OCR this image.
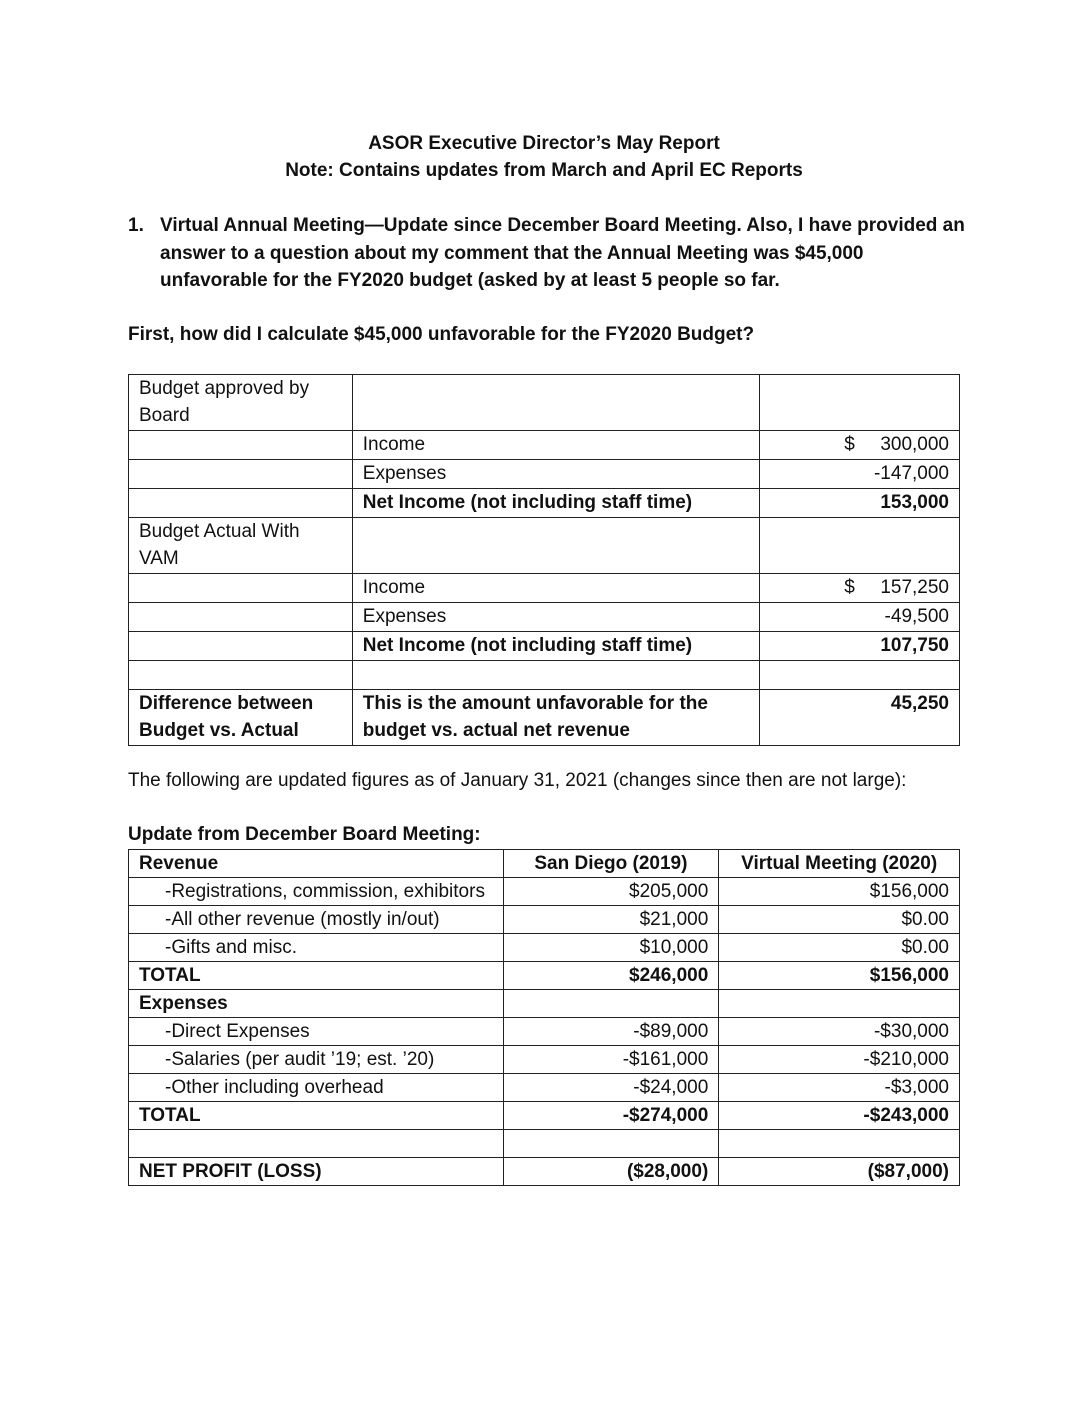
ASOR Executive Director’s May Report
Note: Contains updates from March and April EC Reports
1. Virtual Annual Meeting—Update since December Board Meeting. Also, I have provided an answer to a question about my comment that the Annual Meeting was $45,000 unfavorable for the FY2020 budget (asked by at least 5 people so far.
First, how did I calculate $45,000 unfavorable for the FY2020 Budget?
Budget approved by Board		
	Income	$ 300,000
	Expenses	-147,000
	Net Income (not including staff time)	153,000
Budget Actual With VAM		
	Income	$ 157,250
	Expenses	-49,500
	Net Income (not including staff time)	107,750

Difference between Budget vs. Actual	This is the amount unfavorable for the budget vs. actual net revenue	45,250
The following are updated figures as of January 31, 2021 (changes since then are not large):
Update from December Board Meeting:
Revenue	San Diego (2019)	Virtual Meeting (2020)
-Registrations, commission, exhibitors	$205,000	$156,000
-All other revenue (mostly in/out)	$21,000	$0.00
-Gifts and misc.	$10,000	$0.00
TOTAL	$246,000	$156,000
Expenses		
-Direct Expenses	-$89,000	-$30,000
-Salaries (per audit ’19; est. ’20)	-$161,000	-$210,000
-Other including overhead	-$24,000	-$3,000
TOTAL	-$274,000	-$243,000

NET PROFIT (LOSS)	($28,000)	($87,000)
